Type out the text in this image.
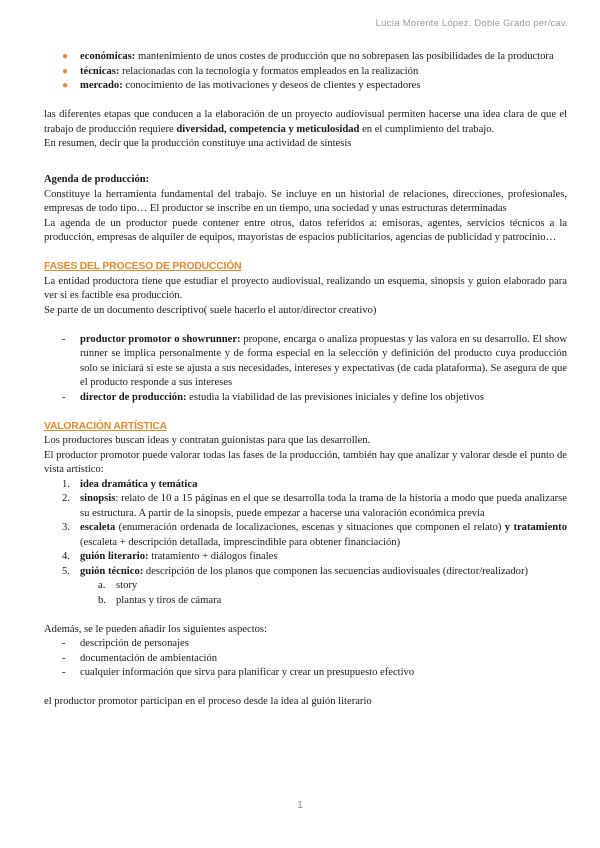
Lucía Morente López. Doble Grado per/cav.
● económicas: mantenimiento de unos costes de producción que no sobrepasen las posibilidades de la productora
● técnicas: relacionadas con la tecnología y formatos empleados en la realización
● mercado: conocimiento de las motivaciones y deseos de clientes y espectadores

las diferentes etapas que conducen a la elaboración de un proyecto audiovisual permiten hacerse una idea clara de que el trabajo de producción requiere diversidad, competencia y meticulosidad en el cumplimiento del trabajo.

En resumen, decir que la producción constituye una actividad de síntesis

Agenda de producción:

Constituye la herramienta fundamental del trabajo. Se incluye en un historial de relaciones, direcciones, profesionales, empresas de todo tipo… El productor se inscribe en un tiempo, una sociedad y unas estructuras determinadas

La agenda de un productor puede contener entre otros, datos referidos a: emisoras, agentes, servicios técnicos a la producción, empresas de alquiler de equipos, mayoristas de espacios publicitarios, agencias de publicidad y patrocinio…

FASES DEL PROCESO DE PRODUCCIÓN

La entidad productora tiene que estudiar el proyecto audiovisual, realizando un esquema, sinopsis y guion elaborado para ver si es factible esa producción.

Se parte de un documento descriptivo( suele hacerlo el autor/director creativo)

- productor promotor o showrunner: propone, encarga o analiza propuestas y las valora en su desarrollo. El show runner se implica personalmente y de forma especial en la selección y definición del producto cuya producción solo se iniciará si este se ajusta a sus necesidades, intereses y expectativas (de cada plataforma). Se asegura de que el producto responde a sus intereses
- director de producción: estudia la viabilidad de las previsiones iniciales y define los objetivos

VALORACIÓN ARTÍSTICA

Los productores buscan ideas y contratan guionistas para que las desarrollen.

El productor promotor puede valorar todas las fases de la producción, también hay que analizar y valorar desde el punto de vista artístico:

1. idea dramática y temática
2. sinopsis: relato de 10 a 15 páginas en el que se desarrolla toda la trama de la historia a modo que pueda analizarse su estructura. A partir de la sinopsis, puede empezar a hacerse una valoración económica previa
3. escaleta (enumeración ordenada de localizaciones, escenas y situaciones que componen el relato) y tratamiento (escaleta + descripción detallada, imprescindible para obtener financiación)
4. guión literario: tratamiento + diálogos finales
5. guión técnico: descripción de los planos que componen las secuencias audiovisuales (director/realizador)
a. story
b. plantas y tiros de cámara

Además, se le pueden añadir los siguientes aspectos:

- descripción de personajes
- documentación de ambientación
- cualquier información que sirva para planificar y crear un presupuesto efectivo

el productor promotor participan en el proceso desde la idea al guión literario

1
